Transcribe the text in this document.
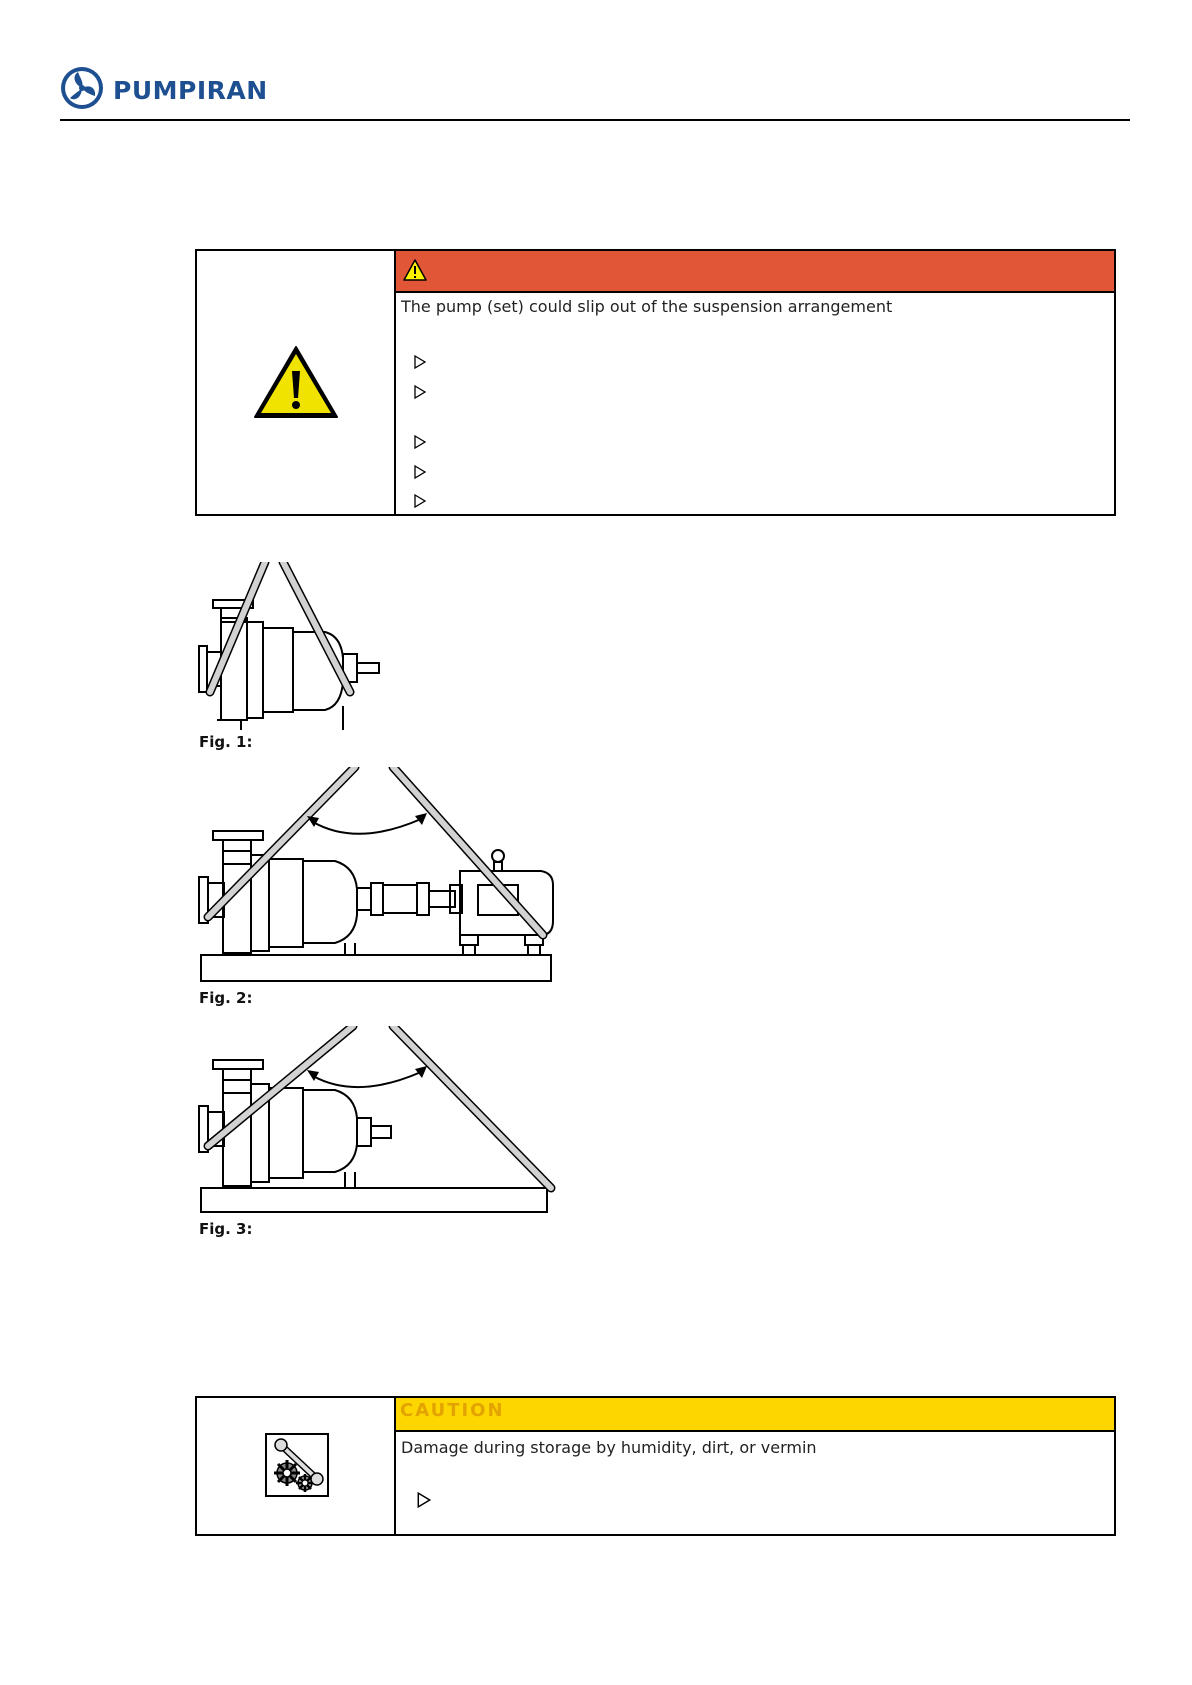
PUMPIRAN
The pump (set) could slip out of the suspension arrangement
Fig. 1:
Fig. 2:
Fig. 3:
CAUTION
Damage during storage by humidity, dirt, or vermin
